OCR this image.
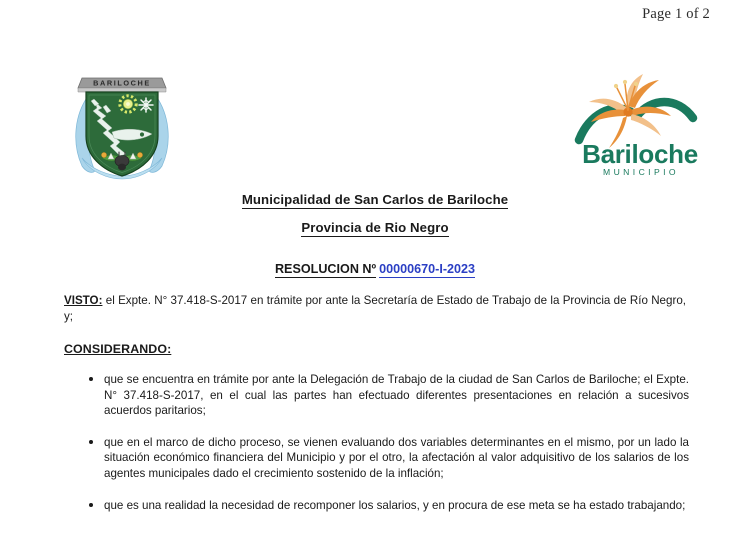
Page 1 of 2
BARILOCHE
Bariloche
MUNICIPIO
Municipalidad de San Carlos de Bariloche
Provincia de Rio Negro
RESOLUCION Nº 00000670-I-2023
VISTO: el Expte. N° 37.418-S-2017 en trámite por ante la Secretaría de Estado de Trabajo de la Provincia de Río Negro, y;
CONSIDERANDO:
que se encuentra en trámite por ante la Delegación de Trabajo de la ciudad de San Carlos de Bariloche; el Expte. N° 37.418-S-2017, en el cual las partes han efectuado diferentes presentaciones en relación a sucesivos acuerdos paritarios;
que en el marco de dicho proceso, se vienen evaluando dos variables determinantes en el mismo, por un lado la situación económico financiera del Municipio y por el otro, la afectación al valor adquisitivo de los salarios de los agentes municipales dado el crecimiento sostenido de la inflación;
que es una realidad la necesidad de recomponer los salarios, y en procura de ese meta se ha estado trabajando;
